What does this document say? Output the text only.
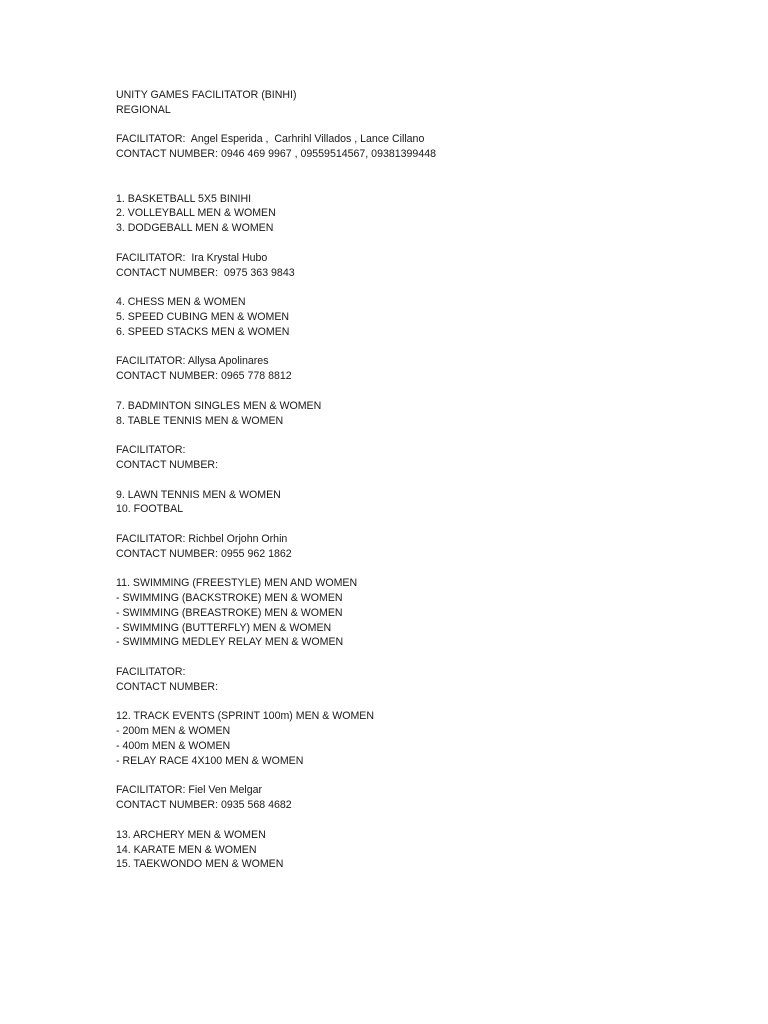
UNITY GAMES FACILITATOR (BINHI)
REGIONAL
FACILITATOR:  Angel Esperida ,  Carhrihl Villados , Lance Cillano
CONTACT NUMBER: 0946 469 9967 , 09559514567, 09381399448
1. BASKETBALL 5X5 BINIHI
2. VOLLEYBALL MEN & WOMEN
3. DODGEBALL MEN & WOMEN
FACILITATOR:  Ira Krystal Hubo
CONTACT NUMBER:  0975 363 9843
4. CHESS MEN & WOMEN
5. SPEED CUBING MEN & WOMEN
6. SPEED STACKS MEN & WOMEN
FACILITATOR: Allysa Apolinares
CONTACT NUMBER: 0965 778 8812
7. BADMINTON SINGLES MEN & WOMEN
8. TABLE TENNIS MEN & WOMEN
FACILITATOR:
CONTACT NUMBER:
9. LAWN TENNIS MEN & WOMEN
10. FOOTBAL
FACILITATOR: Richbel Orjohn Orhin
CONTACT NUMBER: 0955 962 1862
11. SWIMMING (FREESTYLE) MEN AND WOMEN
- SWIMMING (BACKSTROKE) MEN & WOMEN
- SWIMMING (BREASTROKE) MEN & WOMEN
- SWIMMING (BUTTERFLY) MEN & WOMEN
- SWIMMING MEDLEY RELAY MEN & WOMEN
FACILITATOR:
CONTACT NUMBER:
12. TRACK EVENTS (SPRINT 100m) MEN & WOMEN
- 200m MEN & WOMEN
- 400m MEN & WOMEN
- RELAY RACE 4X100 MEN & WOMEN
FACILITATOR: Fiel Ven Melgar
CONTACT NUMBER: 0935 568 4682
13. ARCHERY MEN & WOMEN
14. KARATE MEN & WOMEN
15. TAEKWONDO MEN & WOMEN
